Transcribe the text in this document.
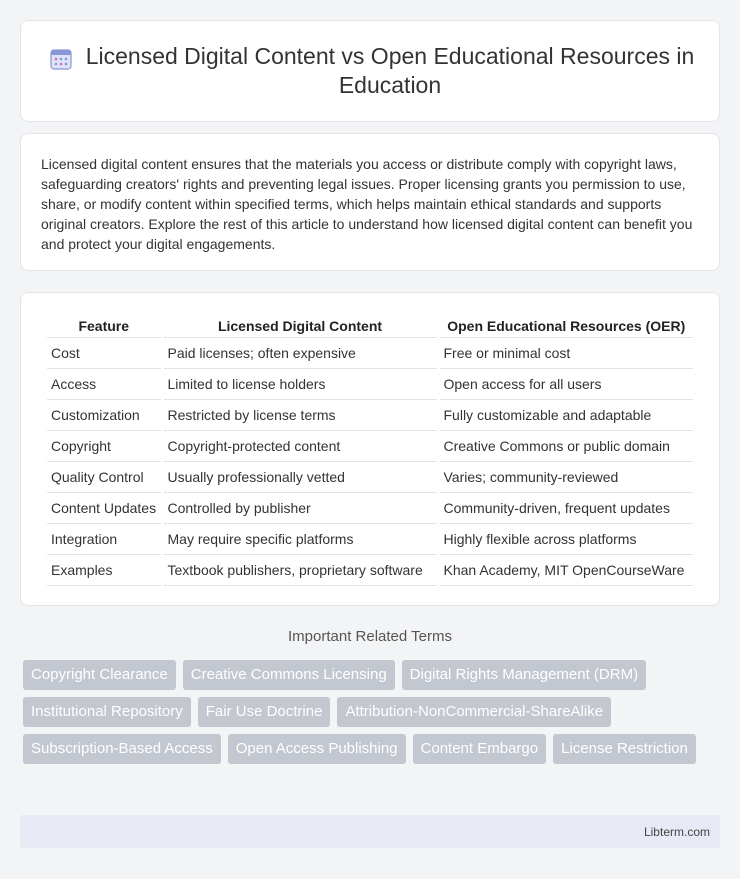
Licensed Digital Content vs Open Educational Resources in Education

Licensed digital content ensures that the materials you access or distribute comply with copyright laws, safeguarding creators' rights and preventing legal issues. Proper licensing grants you permission to use, share, or modify content within specified terms, which helps maintain ethical standards and supports original creators. Explore the rest of this article to understand how licensed digital content can benefit you and protect your digital engagements.

Feature	Licensed Digital Content	Open Educational Resources (OER)
Cost	Paid licenses; often expensive	Free or minimal cost
Access	Limited to license holders	Open access for all users
Customization	Restricted by license terms	Fully customizable and adaptable
Copyright	Copyright-protected content	Creative Commons or public domain
Quality Control	Usually professionally vetted	Varies; community-reviewed
Content Updates	Controlled by publisher	Community-driven, frequent updates
Integration	May require specific platforms	Highly flexible across platforms
Examples	Textbook publishers, proprietary software	Khan Academy, MIT OpenCourseWare
Important Related Terms
Copyright Clearance	Creative Commons Licensing	Digital Rights Management (DRM)
Institutional Repository	Fair Use Doctrine	Attribution-NonCommercial-ShareAlike
Subscription-Based Access	Open Access Publishing	Content Embargo	License Restriction
Libterm.com
